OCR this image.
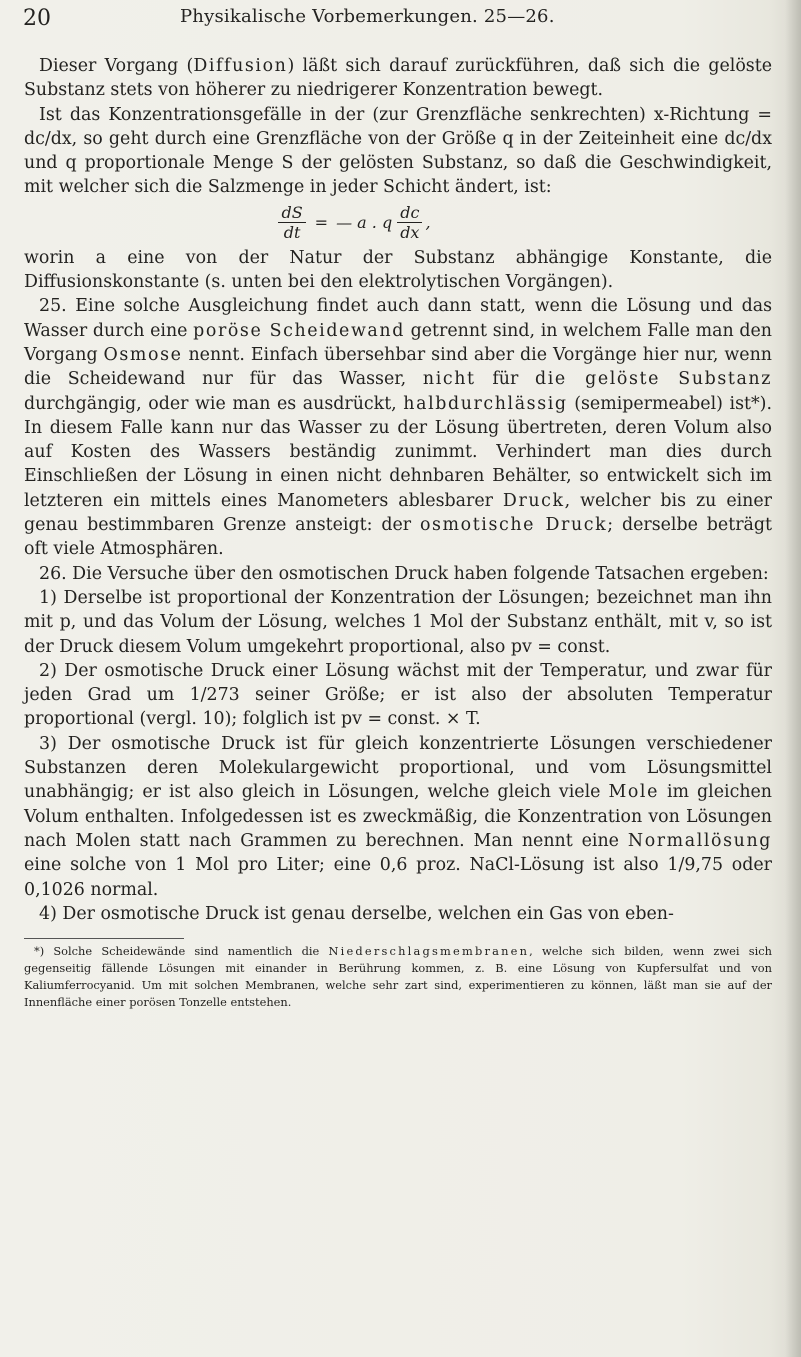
20	Physikalische Vorbemerkungen. 25—26.

Dieser Vorgang (Diffusion) läßt sich darauf zurückführen, daß sich die gelöste Substanz stets von höherer zu niedrigerer Konzentration bewegt.

Ist das Konzentrationsgefälle in der (zur Grenzfläche senkrechten) x-Richtung = dc/dx, so geht durch eine Grenzfläche von der Größe q in der Zeiteinheit eine dc/dx und q proportionale Menge S der gelösten Substanz, so daß die Geschwindigkeit, mit welcher sich die Salzmenge in jeder Schicht ändert, ist:

$\frac{dS}{dt}$ = — a . q $\frac{dc}{dx}$ ,

worin a eine von der Natur der Substanz abhängige Konstante, die Diffusionskonstante (s. unten bei den elektrolytischen Vorgängen).

25. Eine solche Ausgleichung findet auch dann statt, wenn die Lösung und das Wasser durch eine poröse Scheidewand getrennt sind, in welchem Falle man den Vorgang Osmose nennt. Einfach übersehbar sind aber die Vorgänge hier nur, wenn die Scheidewand nur für das Wasser, nicht für die gelöste Substanz durchgängig, oder wie man es ausdrückt, halbdurchlässig (semipermeabel) ist*). In diesem Falle kann nur das Wasser zu der Lösung übertreten, deren Volum also auf Kosten des Wassers beständig zunimmt. Verhindert man dies durch Einschließen der Lösung in einen nicht dehnbaren Behälter, so entwickelt sich im letzteren ein mittels eines Manometers ablesbarer Druck, welcher bis zu einer genau bestimmbaren Grenze ansteigt: der osmotische Druck; derselbe beträgt oft viele Atmosphären.

26. Die Versuche über den osmotischen Druck haben folgende Tatsachen ergeben:

1) Derselbe ist proportional der Konzentration der Lösungen; bezeichnet man ihn mit p, und das Volum der Lösung, welches 1 Mol der Substanz enthält, mit v, so ist der Druck diesem Volum umgekehrt proportional, also pv = const.

2) Der osmotische Druck einer Lösung wächst mit der Temperatur, und zwar für jeden Grad um 1/273 seiner Größe; er ist also der absoluten Temperatur proportional (vergl. 10); folglich ist pv = const. × T.

3) Der osmotische Druck ist für gleich konzentrierte Lösungen verschiedener Substanzen deren Molekulargewicht proportional, und vom Lösungsmittel unabhängig; er ist also gleich in Lösungen, welche gleich viele Mole im gleichen Volum enthalten. Infolgedessen ist es zweckmäßig, die Konzentration von Lösungen nach Molen statt nach Grammen zu berechnen. Man nennt eine Normallösung eine solche von 1 Mol pro Liter; eine 0,6 proz. NaCl-Lösung ist also 1/9,75 oder 0,1026 normal.

4) Der osmotische Druck ist genau derselbe, welchen ein Gas von eben-

*) Solche Scheidewände sind namentlich die Niederschlagsmembranen, welche sich bilden, wenn zwei sich gegenseitig fällende Lösungen mit einander in Berührung kommen, z. B. eine Lösung von Kupfersulfat und von Kaliumferrocyanid. Um mit solchen Membranen, welche sehr zart sind, experimentieren zu können, läßt man sie auf der Innenfläche einer porösen Tonzelle entstehen.
